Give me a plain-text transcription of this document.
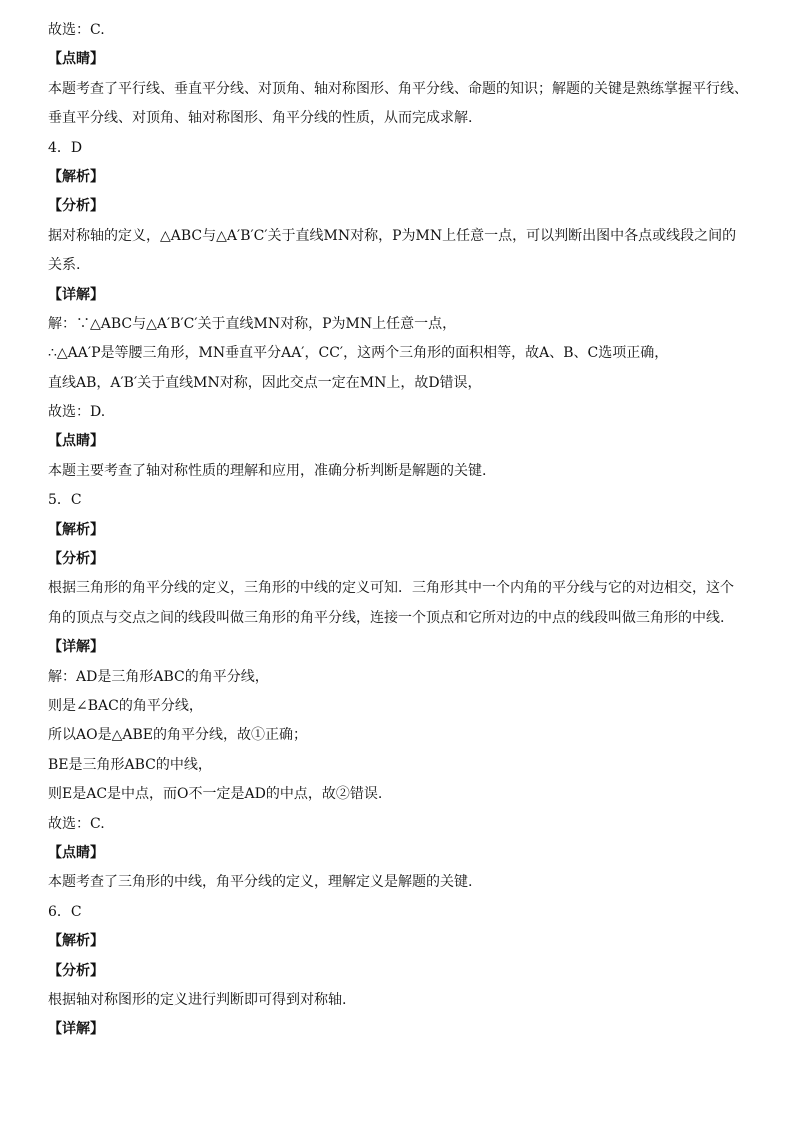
故选：C.
【点睛】
本题考查了平行线、垂直平分线、对顶角、轴对称图形、角平分线、命题的知识；解题的关键是熟练掌握平行线、
垂直平分线、对顶角、轴对称图形、角平分线的性质，从而完成求解.
4．D
【解析】
【分析】
据对称轴的定义，△ABC与△A′B′C′关于直线MN对称，P为MN上任意一点，可以判断出图中各点或线段之间的
关系.
【详解】
解：∵△ABC与△A′B′C′关于直线MN对称，P为MN上任意一点，
∴△AA′P是等腰三角形，MN垂直平分AA′，CC′，这两个三角形的面积相等，故A、B、C选项正确，
直线AB，A′B′关于直线MN对称，因此交点一定在MN上，故D错误，
故选：D.
【点睛】
本题主要考查了轴对称性质的理解和应用，准确分析判断是解题的关键.
5．C
【解析】
【分析】
根据三角形的角平分线的定义，三角形的中线的定义可知．三角形其中一个内角的平分线与它的对边相交，这个
角的顶点与交点之间的线段叫做三角形的角平分线，连接一个顶点和它所对边的中点的线段叫做三角形的中线.
【详解】
解：AD是三角形ABC的角平分线，
则是∠BAC的角平分线，
所以AO是△ABE的角平分线，故①正确；
BE是三角形ABC的中线，
则E是AC是中点，而O不一定是AD的中点，故②错误.
故选：C.
【点睛】
本题考查了三角形的中线，角平分线的定义，理解定义是解题的关键.
6．C
【解析】
【分析】
根据轴对称图形的定义进行判断即可得到对称轴.
【详解】
